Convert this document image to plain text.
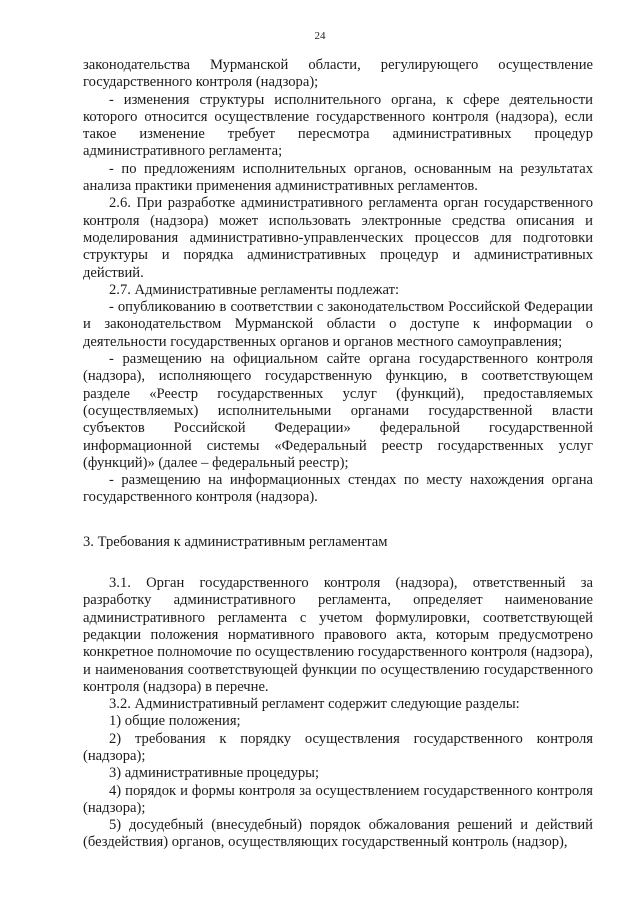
24

законодательства Мурманской области, регулирующего осуществление государственного контроля (надзора);

- изменения структуры исполнительного органа, к сфере деятельности которого относится осуществление государственного контроля (надзора), если такое изменение требует пересмотра административных процедур административного регламента;

- по предложениям исполнительных органов, основанным на результатах анализа практики применения административных регламентов.

2.6. При разработке административного регламента орган государственного контроля (надзора) может использовать электронные средства описания и моделирования административно-управленческих процессов для подготовки структуры и порядка административных процедур и административных действий.

2.7. Административные регламенты подлежат:

- опубликованию в соответствии с законодательством Российской Федерации и законодательством Мурманской области о доступе к информации о деятельности государственных органов и органов местного самоуправления;

- размещению на официальном сайте органа государственного контроля (надзора), исполняющего государственную функцию, в соответствующем разделе «Реестр государственных услуг (функций), предоставляемых (осуществляемых) исполнительными органами государственной власти субъектов Российской Федерации» федеральной государственной информационной системы «Федеральный реестр государственных услуг (функций)» (далее – федеральный реестр);

- размещению на информационных стендах по месту нахождения органа государственного контроля (надзора).

3. Требования к административным регламентам

3.1. Орган государственного контроля (надзора), ответственный за разработку административного регламента, определяет наименование административного регламента с учетом формулировки, соответствующей редакции положения нормативного правового акта, которым предусмотрено конкретное полномочие по осуществлению государственного контроля (надзора), и наименования соответствующей функции по осуществлению государственного контроля (надзора) в перечне.

3.2. Административный регламент содержит следующие разделы:

1) общие положения;

2) требования к порядку осуществления государственного контроля (надзора);

3) административные процедуры;

4) порядок и формы контроля за осуществлением государственного контроля (надзора);

5) досудебный (внесудебный) порядок обжалования решений и действий (бездействия) органов, осуществляющих государственный контроль (надзор),
